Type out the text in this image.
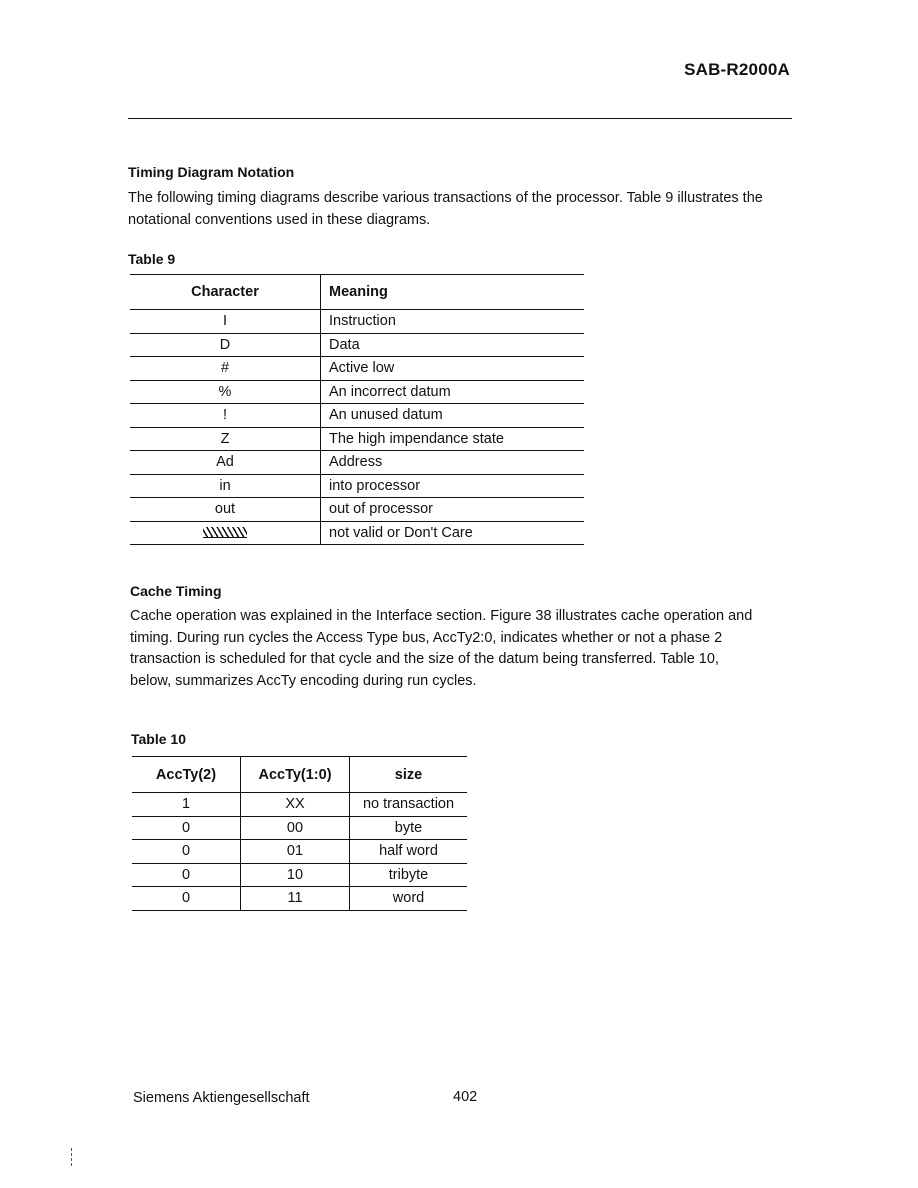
SAB-R2000A
Timing Diagram Notation
The following timing diagrams describe various transactions of the processor. Table 9 illustrates the notational conventions used in these diagrams.
Table 9
Character	Meaning
I	Instruction
D	Data
#	Active low
%	An incorrect datum
!	An unused datum
Z	The high impendance state
Ad	Address
in	into processor
out	out of processor
	not valid or Don't Care
Cache Timing
Cache operation was explained in the Interface section. Figure 38 illustrates cache operation and timing. During run cycles the Access Type bus, AccTy2:0, indicates whether or not a phase 2 transaction is scheduled for that cycle and the size of the datum being transferred. Table 10, below, summarizes AccTy encoding during run cycles.
Table 10
AccTy(2)	AccTy(1:0)	size
1	XX	no transaction
0	00	byte
0	01	half word
0	10	tribyte
0	11	word
Siemens Aktiengesellschaft	402
